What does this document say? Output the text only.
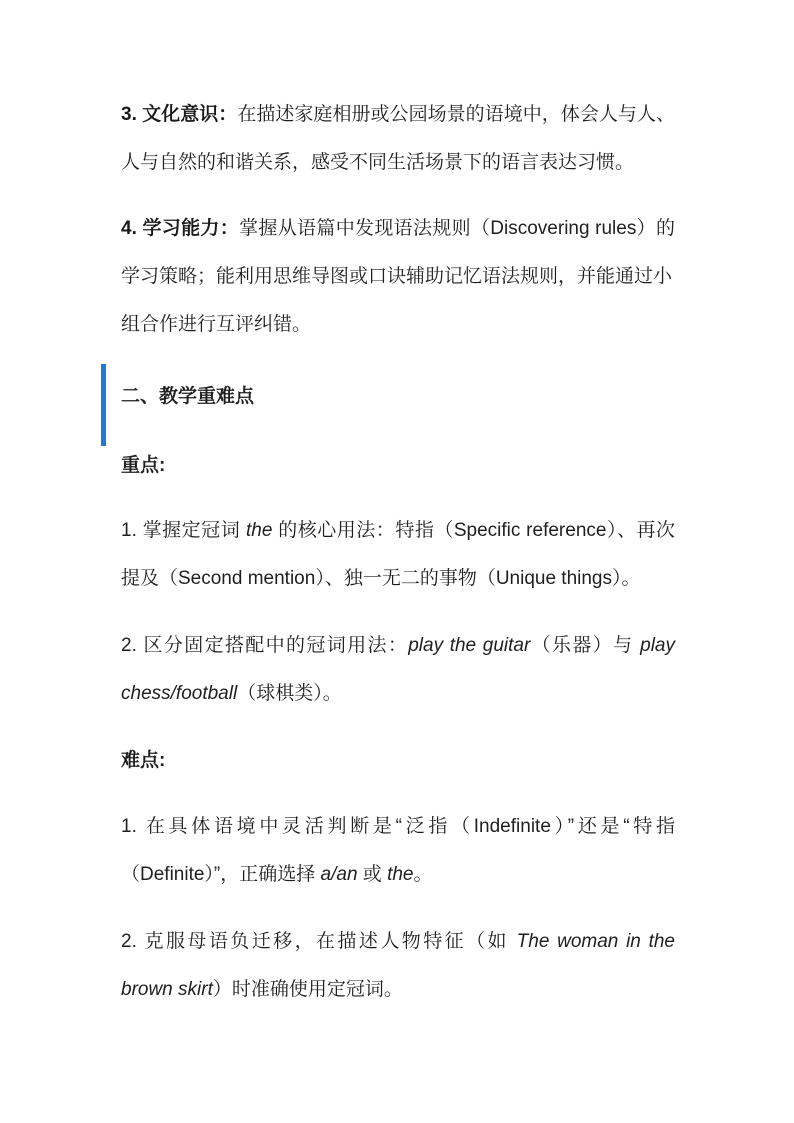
3. 文化意识：在描述家庭相册或公园场景的语境中，体会人与人、
人与自然的和谐关系，感受不同生活场景下的语言表达习惯。
4. 学习能力：掌握从语篇中发现语法规则（Discovering rules）的
学习策略；能利用思维导图或口诀辅助记忆语法规则，并能通过小
组合作进行互评纠错。
二、教学重难点
重点:
1. 掌握定冠词 the 的核心用法：特指（Specific reference）、再次
提及（Second mention）、独一无二的事物（Unique things）。
2. 区分固定搭配中的冠词用法：play the guitar（乐器）与 play
chess/football（球棋类）。
难点:
1. 在具体语境中灵活判断是“泛指（Indefinite）”还是“特指
（Definite）”，正确选择 a/an 或 the。
2. 克服母语负迁移，在描述人物特征（如 The woman in the
brown skirt）时准确使用定冠词。
